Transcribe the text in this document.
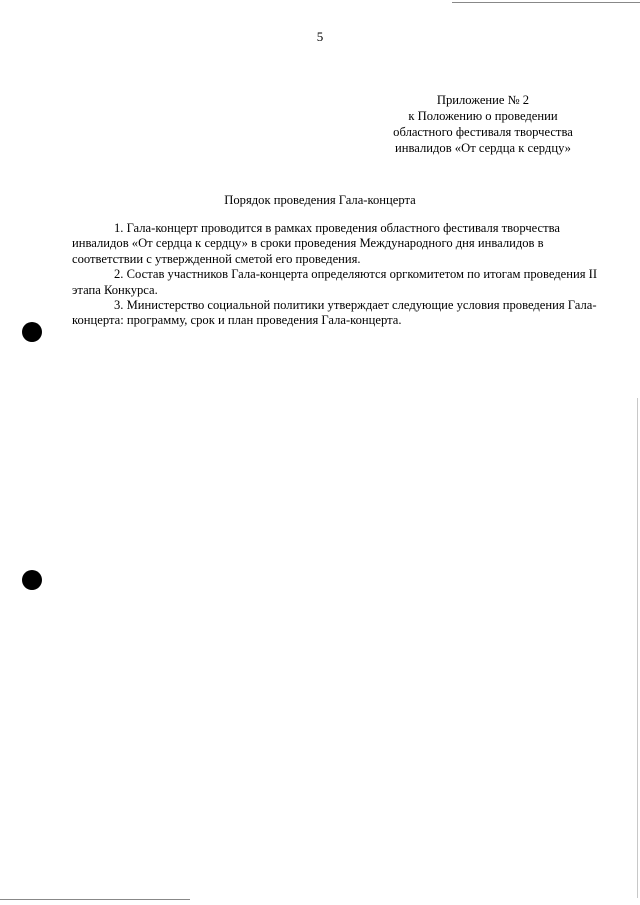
5
Приложение № 2
к Положению о проведении
областного фестиваля творчества
инвалидов «От сердца к сердцу»
Порядок проведения Гала-концерта

1. Гала-концерт проводится в рамках проведения областного фестиваля творчества инвалидов «От сердца к сердцу» в сроки проведения Международного дня инвалидов в соответствии с утвержденной сметой его проведения.

2. Состав участников Гала-концерта определяются оргкомитетом по итогам проведения II этапа Конкурса.

3. Министерство социальной политики утверждает следующие условия проведения Гала-концерта: программу, срок и план проведения Гала-концерта.
